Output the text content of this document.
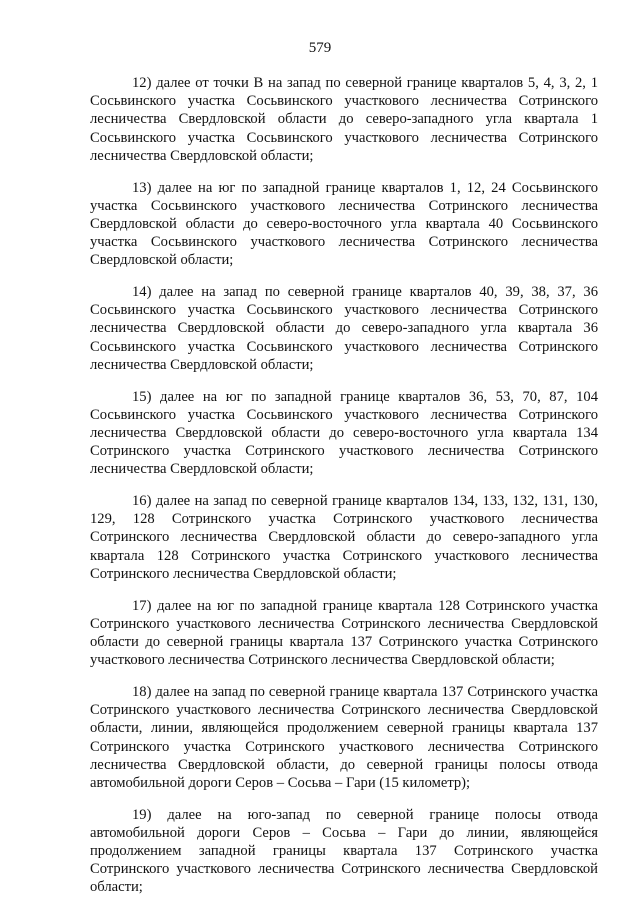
579

12) далее от точки В на запад по северной границе кварталов 5, 4, 3, 2, 1 Сосьвинского участка Сосьвинского участкового лесничества Сотринского лесничества Свердловской области до северо-западного угла квартала 1 Сосьвинского участка Сосьвинского участкового лесничества Сотринского лесничества Свердловской области;

13) далее на юг по западной границе кварталов 1, 12, 24 Сосьвинского участка Сосьвинского участкового лесничества Сотринского лесничества Свердловской области до северо-восточного угла квартала 40 Сосьвинского участка Сосьвинского участкового лесничества Сотринского лесничества Свердловской области;

14) далее на запад по северной границе кварталов 40, 39, 38, 37, 36 Сосьвинского участка Сосьвинского участкового лесничества Сотринского лесничества Свердловской области до северо-западного угла квартала 36 Сосьвинского участка Сосьвинского участкового лесничества Сотринского лесничества Свердловской области;

15) далее на юг по западной границе кварталов 36, 53, 70, 87, 104 Сосьвинского участка Сосьвинского участкового лесничества Сотринского лесничества Свердловской области до северо-восточного угла квартала 134 Сотринского участка Сотринского участкового лесничества Сотринского лесничества Свердловской области;

16) далее на запад по северной границе кварталов 134, 133, 132, 131, 130, 129, 128 Сотринского участка Сотринского участкового лесничества Сотринского лесничества Свердловской области до северо-западного угла квартала 128 Сотринского участка Сотринского участкового лесничества Сотринского лесничества Свердловской области;

17) далее на юг по западной границе квартала 128 Сотринского участка Сотринского участкового лесничества Сотринского лесничества Свердловской области до северной границы квартала 137 Сотринского участка Сотринского участкового лесничества Сотринского лесничества Свердловской области;

18) далее на запад по северной границе квартала 137 Сотринского участка Сотринского участкового лесничества Сотринского лесничества Свердловской области, линии, являющейся продолжением северной границы квартала 137 Сотринского участка Сотринского участкового лесничества Сотринского лесничества Свердловской области, до северной границы полосы отвода автомобильной дороги Серов – Сосьва – Гари (15 километр);

19) далее на юго-запад по северной границе полосы отвода автомобильной дороги Серов – Сосьва – Гари до линии, являющейся продолжением западной границы квартала 137 Сотринского участка Сотринского участкового лесничества Сотринского лесничества Свердловской области;
